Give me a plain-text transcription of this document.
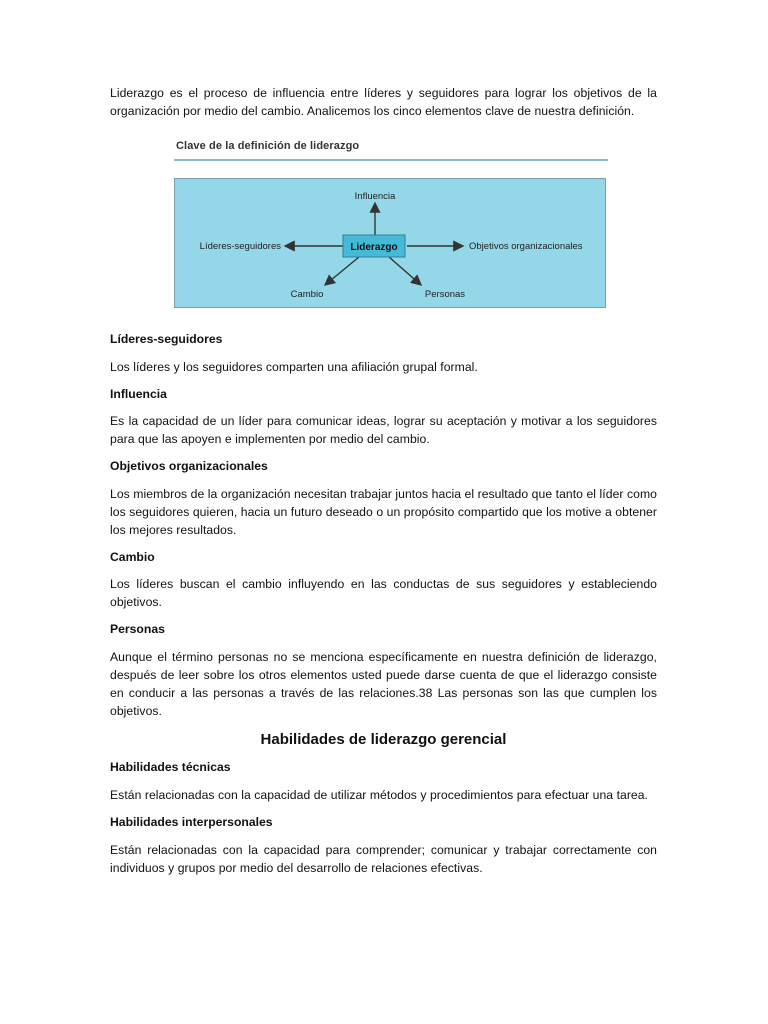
Liderazgo es el proceso de influencia entre líderes y seguidores para lograr los objetivos de la organización por medio del cambio. Analicemos los cinco elementos clave de nuestra definición.

Clave de la definición de liderazgo
Liderazgo
Influencia
Líderes-seguidores	Objetivos organizacionales
Cambio	Personas

Líderes-seguidores

Los líderes y los seguidores comparten una afiliación grupal formal.

Influencia

Es la capacidad de un líder para comunicar ideas, lograr su aceptación y motivar a los seguidores para que las apoyen e implementen por medio del cambio.

Objetivos organizacionales

Los miembros de la organización necesitan trabajar juntos hacia el resultado que tanto el líder como los seguidores quieren, hacia un futuro deseado o un propósito compartido que los motive a obtener los mejores resultados.

Cambio

Los líderes buscan el cambio influyendo en las conductas de sus seguidores y estableciendo objetivos.

Personas

Aunque el término personas no se menciona específicamente en nuestra definición de liderazgo, después de leer sobre los otros elementos usted puede darse cuenta de que el liderazgo consiste en conducir a las personas a través de las relaciones.38 Las personas son las que cumplen los objetivos.

Habilidades de liderazgo gerencial

Habilidades técnicas

Están relacionadas con la capacidad de utilizar métodos y procedimientos para efectuar una tarea.

Habilidades interpersonales

Están relacionadas con la capacidad para comprender; comunicar y trabajar correctamente con individuos y grupos por medio del desarrollo de relaciones efectivas.
